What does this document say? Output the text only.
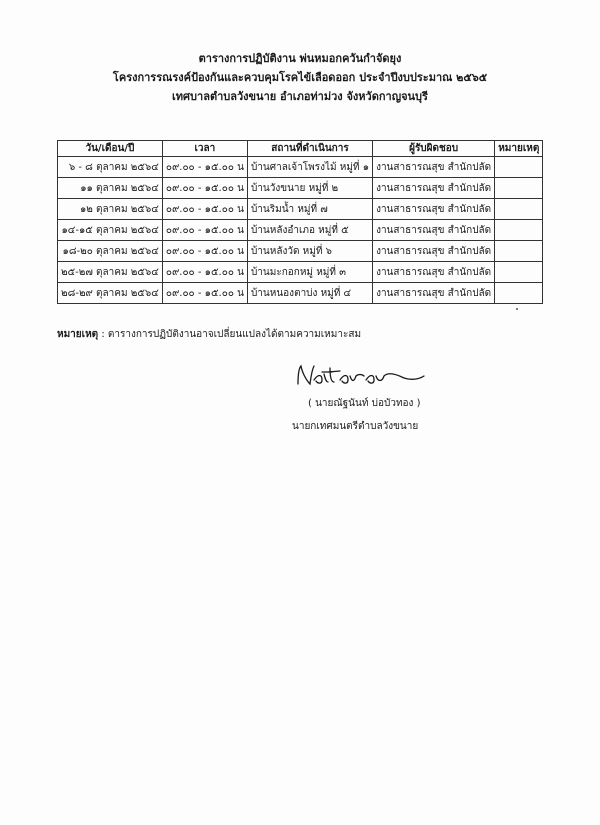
ตารางการปฏิบัติงาน พ่นหมอกควันกำจัดยุง
โครงการรณรงค์ป้องกันและควบคุมโรคไข้เลือดออก ประจำปีงบประมาณ ๒๕๖๕
เทศบาลตำบลวังขนาย อำเภอท่าม่วง จังหวัดกาญจนบุรี
วัน/เดือน/ปี	เวลา	สถานที่ดำเนินการ	ผู้รับผิดชอบ	หมายเหตุ
๖ - ๘ ตุลาคม ๒๕๖๔	๐๙.๐๐ - ๑๕.๐๐ น	บ้านศาลเจ้าโพรงไม้ หมู่ที่ ๑	งานสาธารณสุข สำนักปลัด	
๑๑ ตุลาคม ๒๕๖๔	๐๙.๐๐ - ๑๕.๐๐ น	บ้านวังขนาย หมู่ที่ ๒	งานสาธารณสุข สำนักปลัด	
๑๒ ตุลาคม ๒๕๖๔	๐๙.๐๐ - ๑๕.๐๐ น	บ้านริมน้ำ หมู่ที่ ๗	งานสาธารณสุข สำนักปลัด	
๑๔-๑๕ ตุลาคม ๒๕๖๔	๐๙.๐๐ - ๑๕.๐๐ น	บ้านหลังอำเภอ หมู่ที่ ๕	งานสาธารณสุข สำนักปลัด	
๑๘-๒๐ ตุลาคม ๒๕๖๔	๐๙.๐๐ - ๑๕.๐๐ น	บ้านหลังวัด หมู่ที่ ๖	งานสาธารณสุข สำนักปลัด	
๒๕-๒๗ ตุลาคม ๒๕๖๔	๐๙.๐๐ - ๑๕.๐๐ น	บ้านมะกอกหมู่ หมู่ที่ ๓	งานสาธารณสุข สำนักปลัด	
๒๘-๒๙ ตุลาคม ๒๕๖๔	๐๙.๐๐ - ๑๕.๐๐ น	บ้านหนองตาบ่ง หมู่ที่ ๔	งานสาธารณสุข สำนักปลัด	
หมายเหตุ : ตารางการปฏิบัติงานอาจเปลี่ยนแปลงได้ตามความเหมาะสม
( นายณัฐนันท์ บ่อบัวทอง )
นายกเทศมนตรีตำบลวังขนาย
